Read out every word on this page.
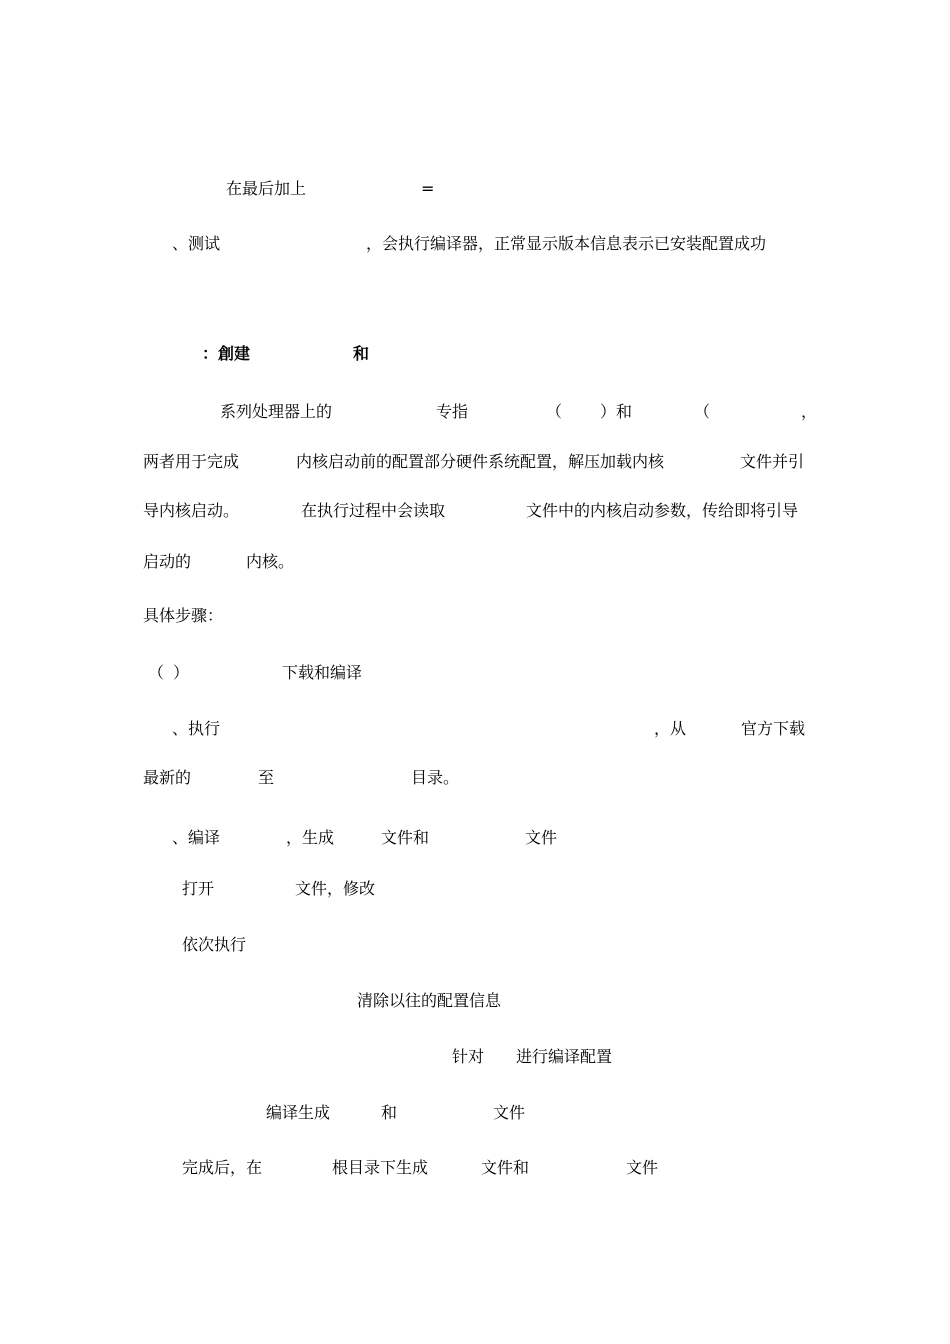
在最后加上	=
、测试	，会执行编译器，正常显示版本信息表示已安装配置成功
：創建	和
系列处理器上的	专指	（ ）和	（	，
两者用于完成	内核启动前的配置部分硬件系统配置，解压加载内核	文件并引
导内核启动。	在执行过程中会读取	文件中的内核启动参数，传给即将引导
启动的	内核。
具体步骤：
（ ）	下载和编译
、执行	，从	官方下载
最新的	至	目录。
、编译	，生成	文件和	文件
打开	文件，修改
依次执行
清除以往的配置信息
针对 进行编译配置
编译生成	和	文件
完成后，在	根目录下生成	文件和	文件
